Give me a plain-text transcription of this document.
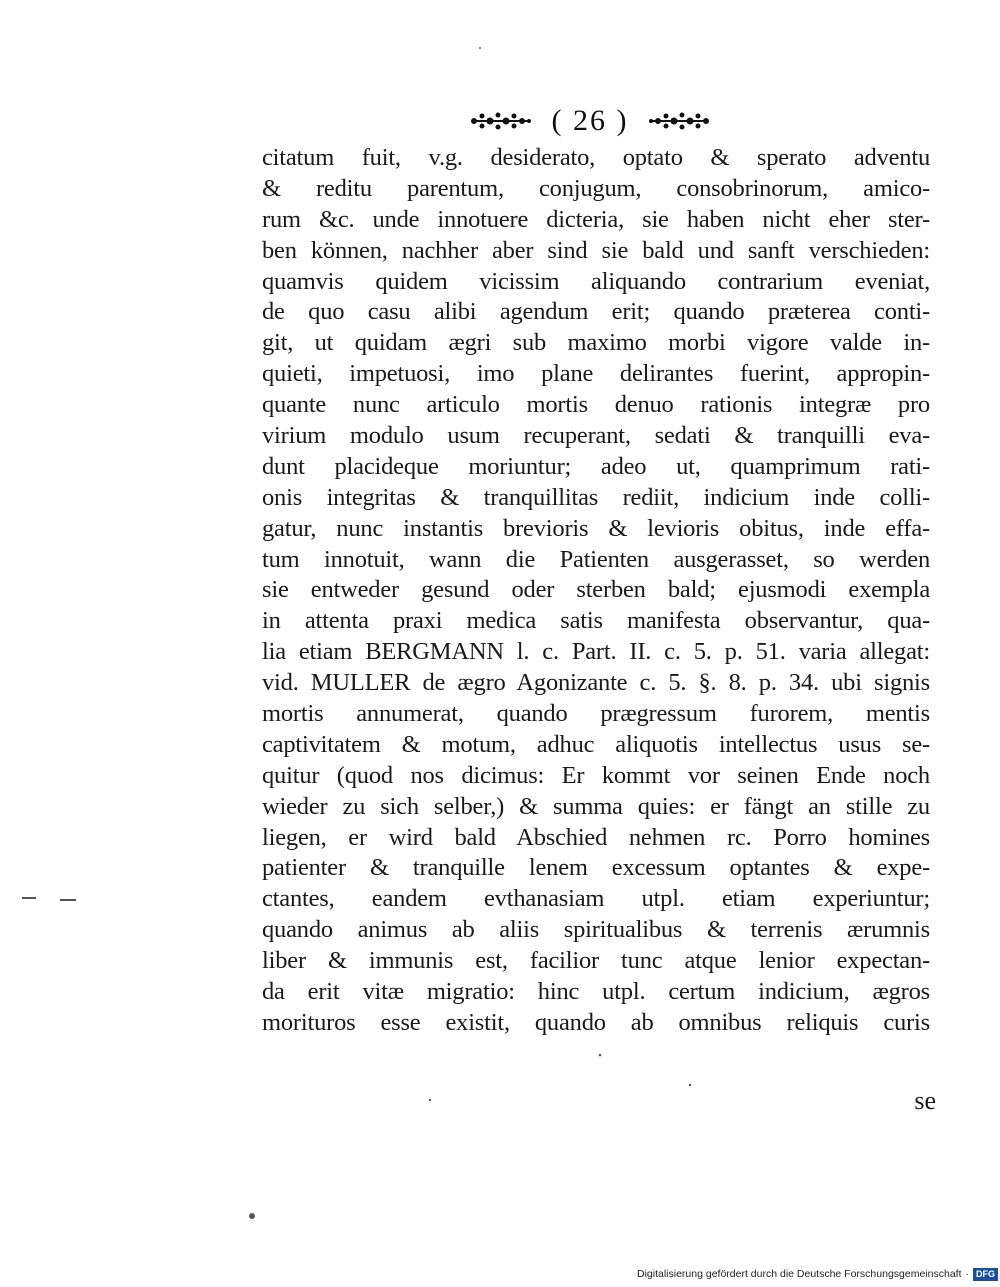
( 26 )
citatum fuit, v.g. desiderato, optato & sperato adventu
& reditu parentum, conjugum, consobrinorum, amico-
rum &c. unde innotuere dicteria, sie haben nicht eher ster-
ben können, nachher aber sind sie bald und sanft verschieden:
quamvis quidem vicissim aliquando contrarium eveniat,
de quo casu alibi agendum erit; quando præterea conti-
git, ut quidam ægri sub maximo morbi vigore valde in-
quieti, impetuosi, imo plane delirantes fuerint, appropin-
quante nunc articulo mortis denuo rationis integræ pro
virium modulo usum recuperant, sedati & tranquilli eva-
dunt placideque moriuntur; adeo ut, quamprimum rati-
onis integritas & tranquillitas rediit, indicium inde colli-
gatur, nunc instantis brevioris & levioris obitus, inde effa-
tum innotuit, wann die Patienten ausgerasset, so werden
sie entweder gesund oder sterben bald; ejusmodi exempla
in attenta praxi medica satis manifesta observantur, qua-
lia etiam BERGMANN l. c. Part. II. c. 5. p. 51. varia allegat:
vid. MULLER de ægro Agonizante c. 5. §. 8. p. 34. ubi signis
mortis annumerat, quando prægressum furorem, mentis
captivitatem & motum, adhuc aliquotis intellectus usus se-
quitur (quod nos dicimus: Er kommt vor seinen Ende noch
wieder zu sich selber,) & summa quies: er fängt an stille zu
liegen, er wird bald Abschied nehmen rc. Porro homines
patienter & tranquille lenem excessum optantes & expe-
ctantes, eandem evthanasiam utpl. etiam experiuntur;
quando animus ab aliis spiritualibus & terrenis ærumnis
liber & immunis est, facilior tunc atque lenior expectan-
da erit vitæ migratio: hinc utpl. certum indicium, ægros
morituros esse existit, quando ab omnibus reliquis curis
se
Digitalisierung gefördert durch die Deutsche Forschungsgemeinschaft · DFG
